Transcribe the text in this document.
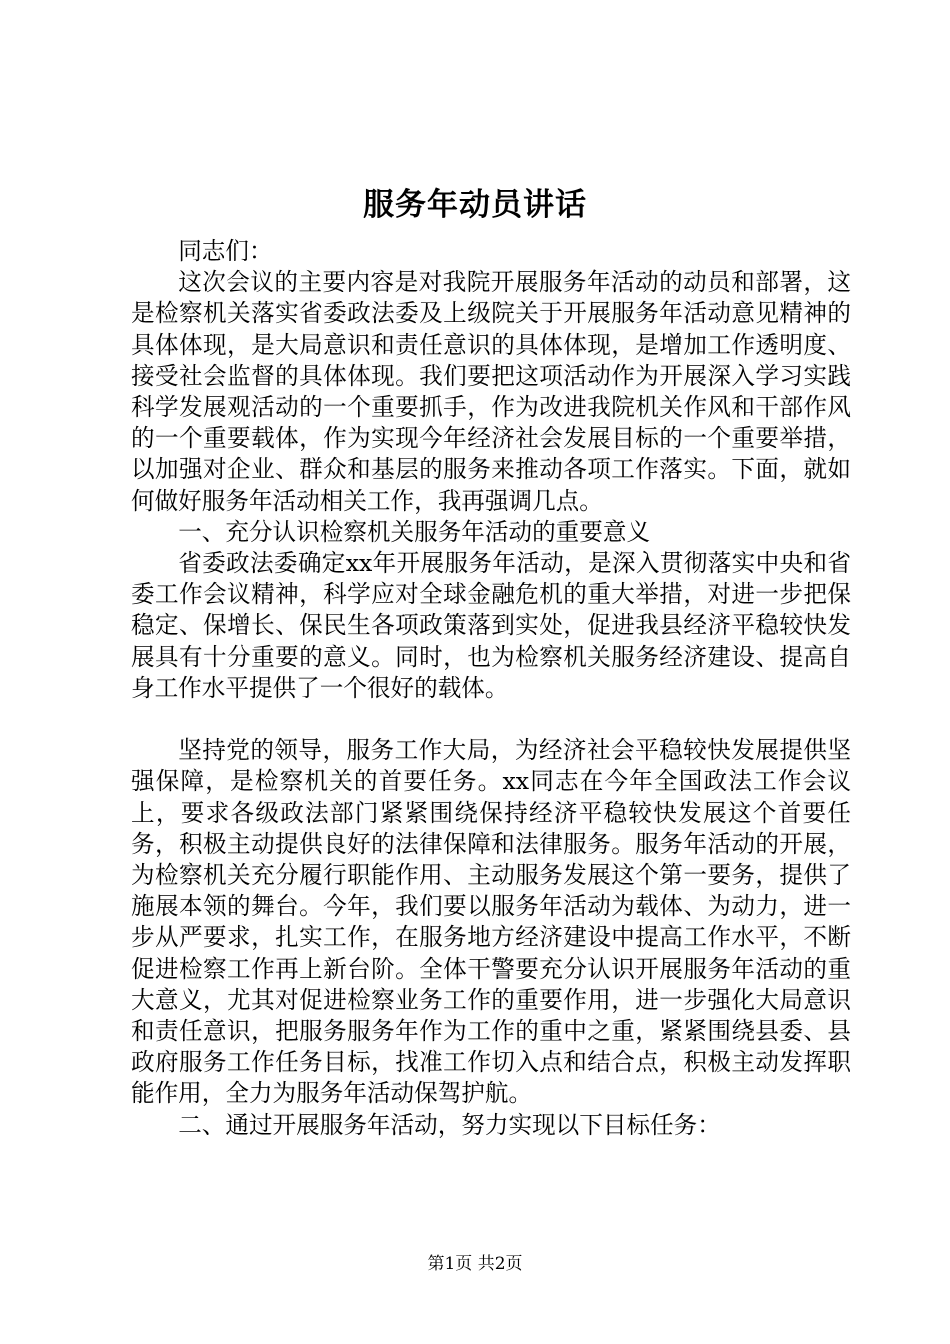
服务年动员讲话

同志们：

这次会议的主要内容是对我院开展服务年活动的动员和部署，这是检察机关落实省委政法委及上级院关于开展服务年活动意见精神的具体体现，是大局意识和责任意识的具体体现，是增加工作透明度、接受社会监督的具体体现。我们要把这项活动作为开展深入学习实践科学发展观活动的一个重要抓手，作为改进我院机关作风和干部作风的一个重要载体，作为实现今年经济社会发展目标的一个重要举措，以加强对企业、群众和基层的服务来推动各项工作落实。下面，就如何做好服务年活动相关工作，我再强调几点。

一、充分认识检察机关服务年活动的重要意义

省委政法委确定xx年开展服务年活动，是深入贯彻落实中央和省委工作会议精神，科学应对全球金融危机的重大举措，对进一步把保稳定、保增长、保民生各项政策落到实处，促进我县经济平稳较快发展具有十分重要的意义。同时，也为检察机关服务经济建设、提高自身工作水平提供了一个很好的载体。

坚持党的领导，服务工作大局，为经济社会平稳较快发展提供坚强保障，是检察机关的首要任务。xx同志在今年全国政法工作会议上，要求各级政法部门紧紧围绕保持经济平稳较快发展这个首要任务，积极主动提供良好的法律保障和法律服务。服务年活动的开展，为检察机关充分履行职能作用、主动服务发展这个第一要务，提供了施展本领的舞台。今年，我们要以服务年活动为载体、为动力，进一步从严要求，扎实工作，在服务地方经济建设中提高工作水平，不断促进检察工作再上新台阶。全体干警要充分认识开展服务年活动的重大意义，尤其对促进检察业务工作的重要作用，进一步强化大局意识和责任意识，把服务服务年作为工作的重中之重，紧紧围绕县委、县政府服务工作任务目标，找准工作切入点和结合点，积极主动发挥职能作用，全力为服务年活动保驾护航。

二、通过开展服务年活动，努力实现以下目标任务：

第1页 共2页
